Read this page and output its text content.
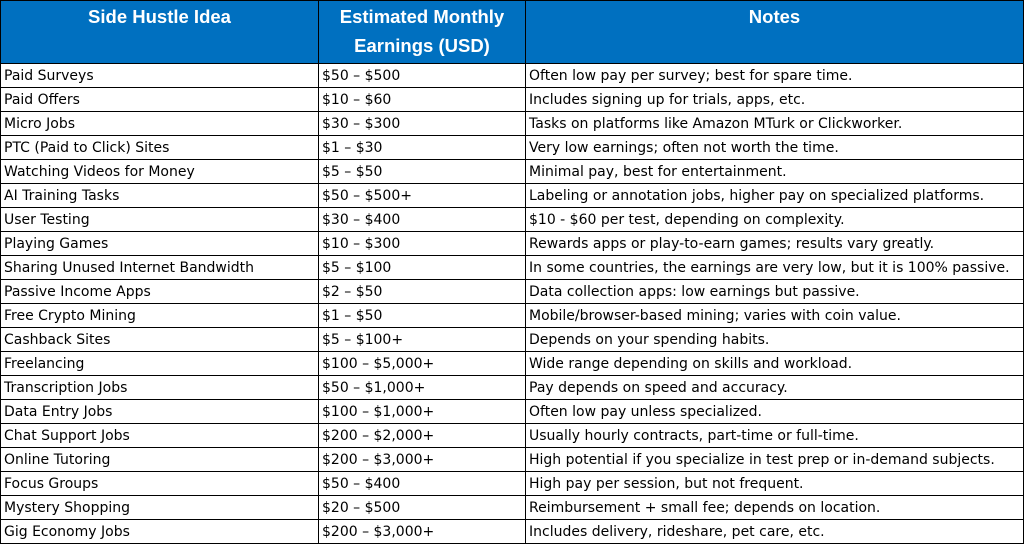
Side Hustle Idea	Estimated Monthly Earnings (USD)	Notes

Paid Surveys	$50 – $500	Often low pay per survey; best for spare time.
Paid Offers	$10 – $60	Includes signing up for trials, apps, etc.
Micro Jobs	$30 – $300	Tasks on platforms like Amazon MTurk or Clickworker.
PTC (Paid to Click) Sites	$1 – $30	Very low earnings; often not worth the time.
Watching Videos for Money	$5 – $50	Minimal pay, best for entertainment.
AI Training Tasks	$50 – $500+	Labeling or annotation jobs, higher pay on specialized platforms.
User Testing	$30 – $400	$10 - $60 per test, depending on complexity.
Playing Games	$10 – $300	Rewards apps or play-to-earn games; results vary greatly.
Sharing Unused Internet Bandwidth	$5 – $100	In some countries, the earnings are very low, but it is 100% passive.
Passive Income Apps	$2 – $50	Data collection apps: low earnings but passive.
Free Crypto Mining	$1 – $50	Mobile/browser-based mining; varies with coin value.
Cashback Sites	$5 – $100+	Depends on your spending habits.
Freelancing	$100 – $5,000+	Wide range depending on skills and workload.
Transcription Jobs	$50 – $1,000+	Pay depends on speed and accuracy.
Data Entry Jobs	$100 – $1,000+	Often low pay unless specialized.
Chat Support Jobs	$200 – $2,000+	Usually hourly contracts, part-time or full-time.
Online Tutoring	$200 – $3,000+	High potential if you specialize in test prep or in-demand subjects.
Focus Groups	$50 – $400	High pay per session, but not frequent.
Mystery Shopping	$20 – $500	Reimbursement + small fee; depends on location.
Gig Economy Jobs	$200 – $3,000+	Includes delivery, rideshare, pet care, etc.
